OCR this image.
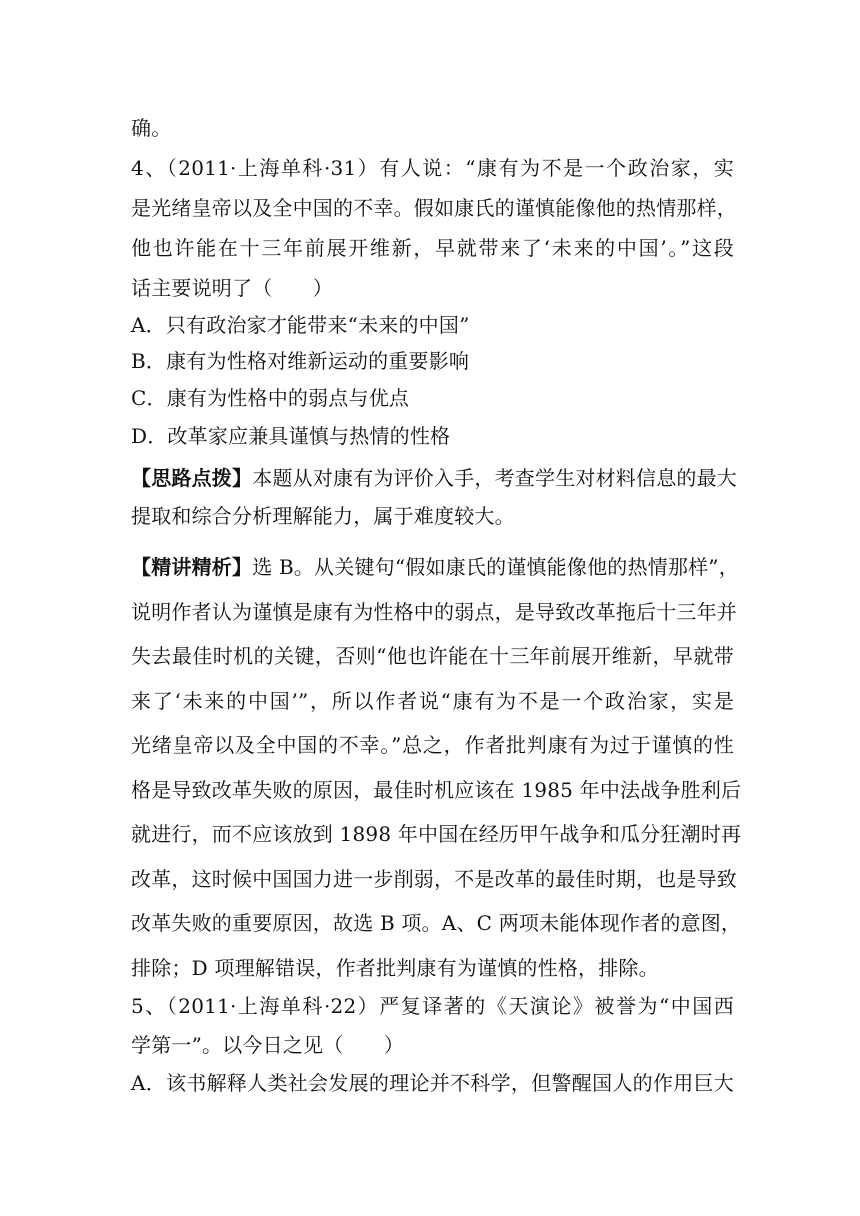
确。
4、（2011·上海单科·31）有人说：“康有为不是一个政治家，实
是光绪皇帝以及全中国的不幸。假如康氏的谨慎能像他的热情那样，
他也许能在十三年前展开维新，早就带来了‘未来的中国’。”这段
话主要说明了（　　）
A．只有政治家才能带来“未来的中国”
B．康有为性格对维新运动的重要影响
C．康有为性格中的弱点与优点
D．改革家应兼具谨慎与热情的性格
【思路点拨】 本题从对康有为评价入手，考查学生对材料信息的最大
提取和综合分析理解能力，属于难度较大。
【精讲精析】 选 B。从关键句“假如康氏的谨慎能像他的热情那样”，
说明作者认为谨慎是康有为性格中的弱点，是导致改革拖后十三年并
失去最佳时机的关键，否则“他也许能在十三年前展开维新，早就带
来了‘未来的中国’”，所以作者说“康有为不是一个政治家，实是
光绪皇帝以及全中国的不幸。”总之，作者批判康有为过于谨慎的性
格是导致改革失败的原因，最佳时机应该在 1985 年中法战争胜利后
就进行，而不应该放到 1898 年中国在经历甲午战争和瓜分狂潮时再
改革，这时候中国国力进一步削弱，不是改革的最佳时期，也是导致
改革失败的重要原因，故选 B 项。A、C 两项未能体现作者的意图，
排除；D 项理解错误，作者批判康有为谨慎的性格，排除。
5、（2011·上海单科·22）严复译著的《天演论》被誉为“中国西
学第一”。以今日之见（　　）
A．该书解释人类社会发展的理论并不科学，但警醒国人的作用巨大
